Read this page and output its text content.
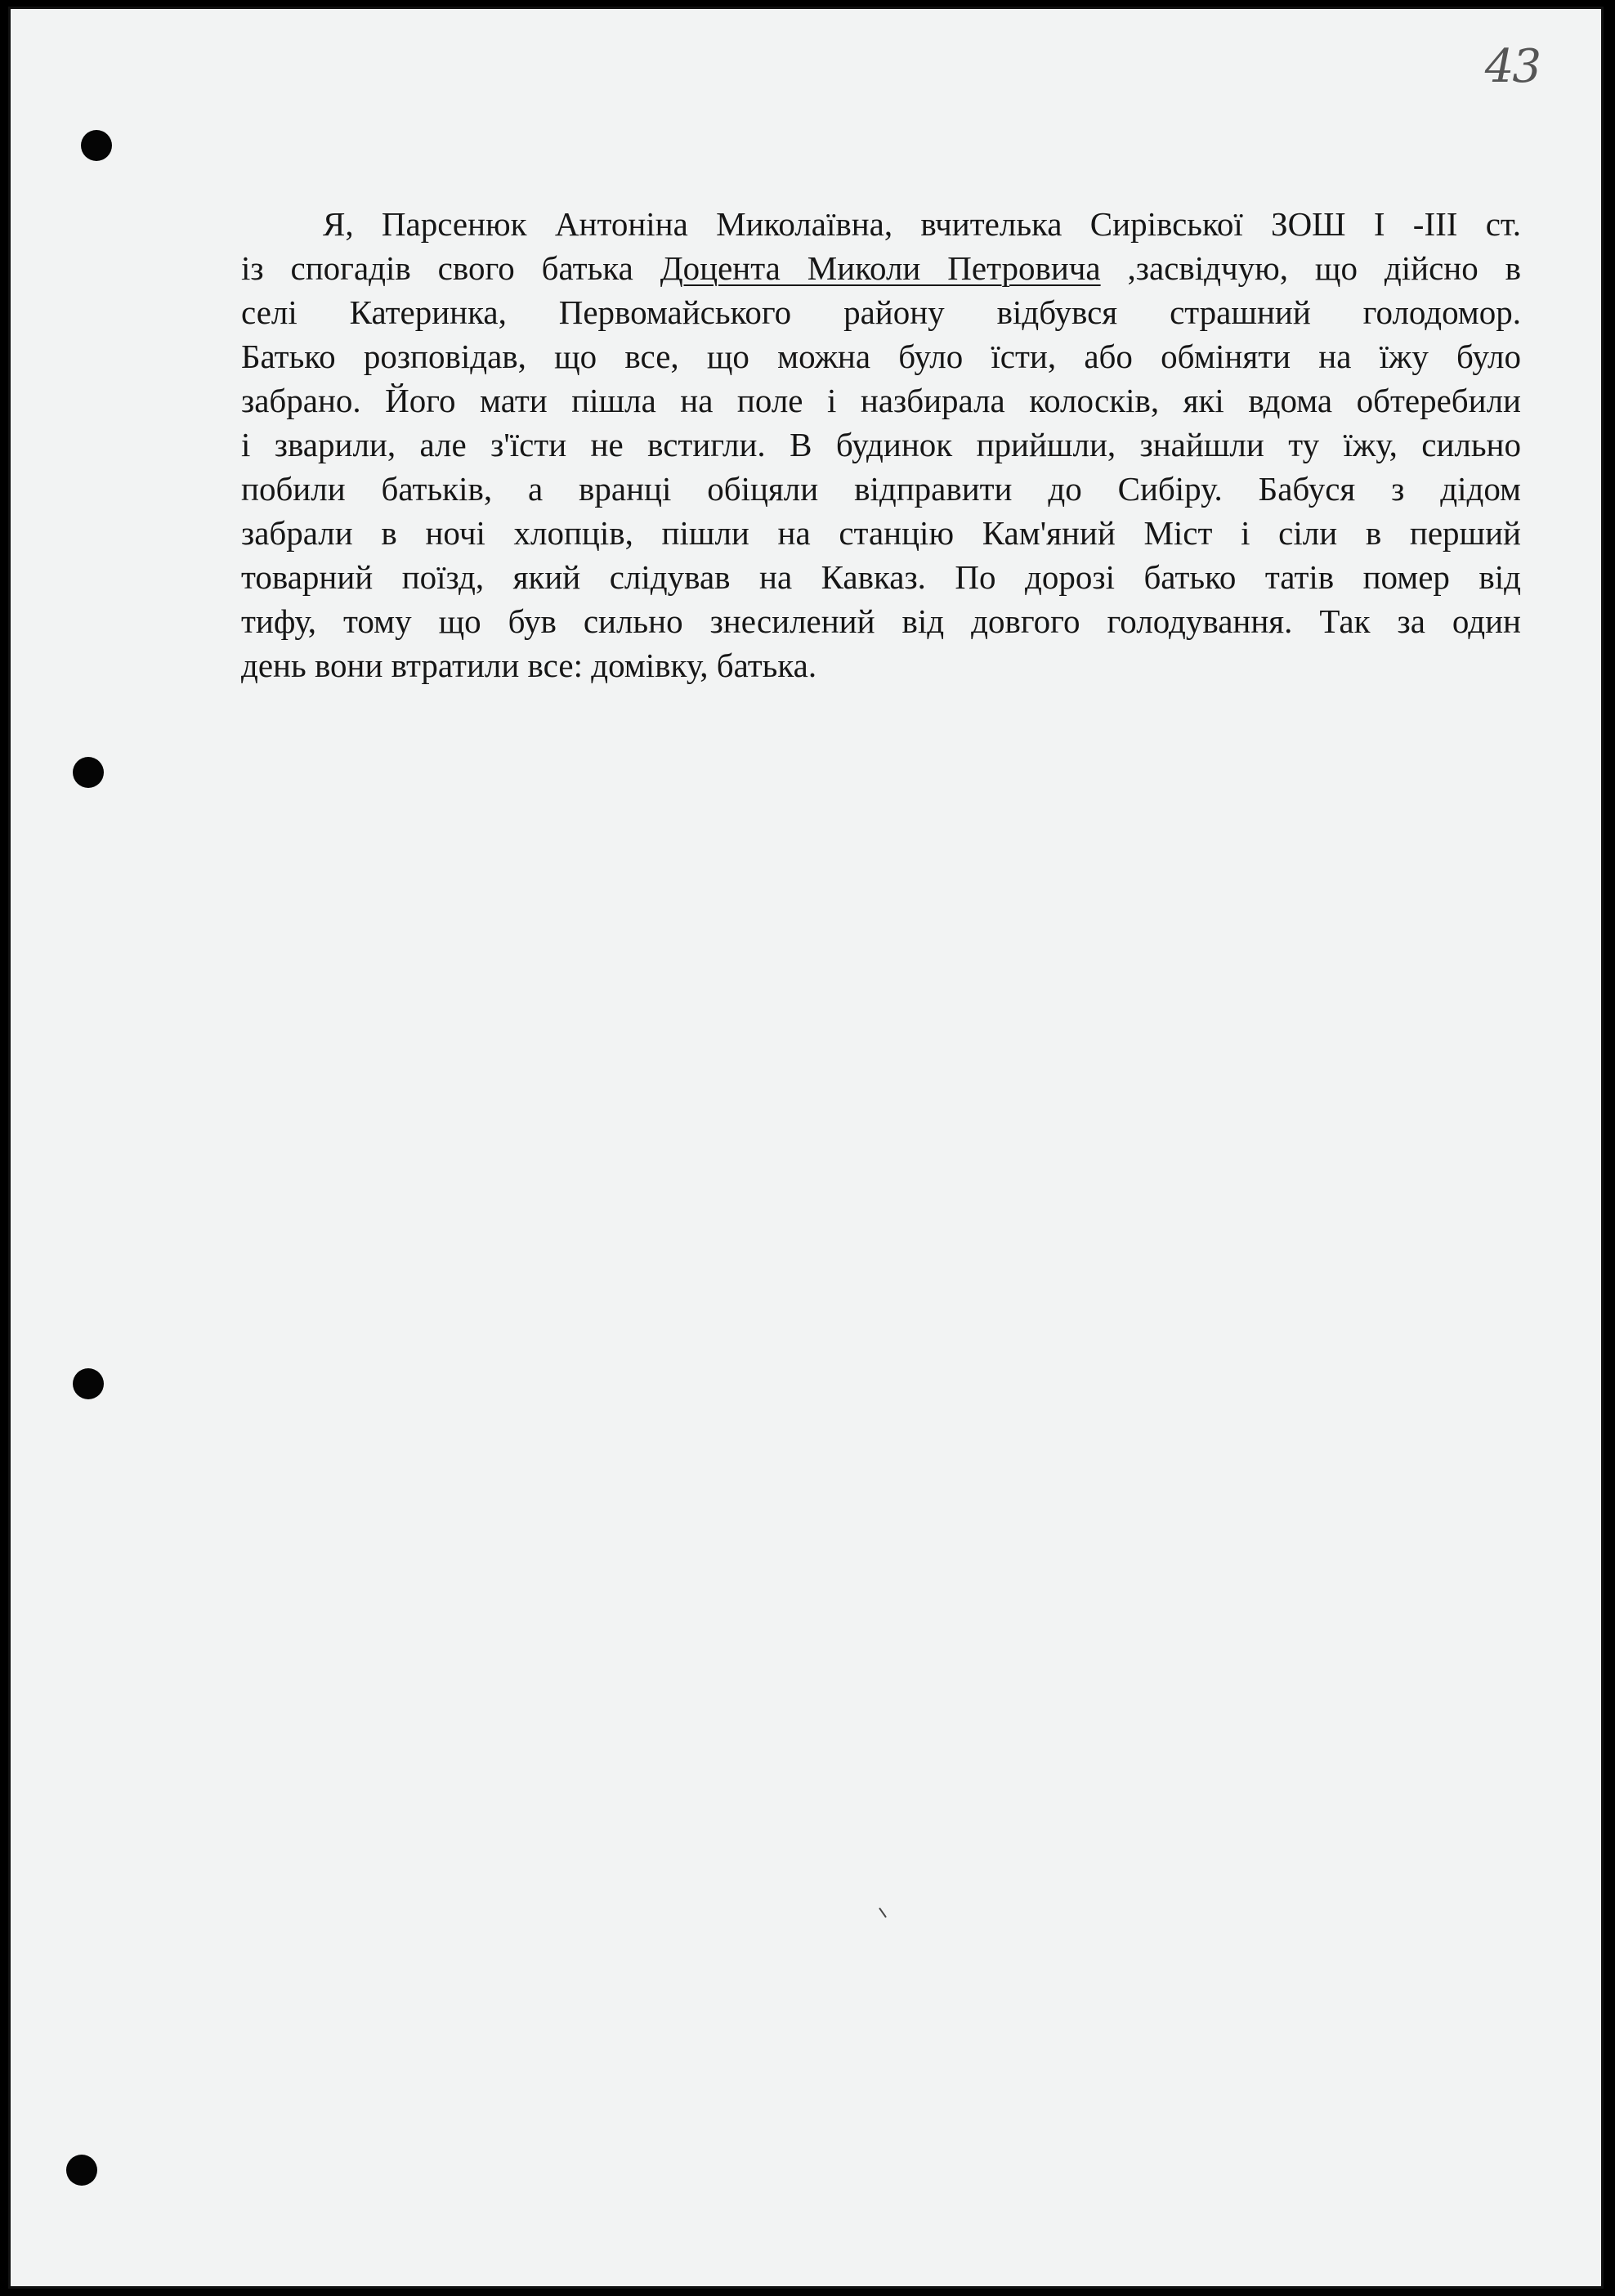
43
Я, Парсенюк Антоніна Миколаївна, вчителька Сирівської ЗОШ I -III ст.
із спогадів свого батька Доцента Миколи Петровича ,засвідчую, що дійсно в
селі Катеринка, Первомайського району відбувся страшний голодомор.
Батько розповідав, що все, що можна було їсти, або обміняти на їжу було
забрано. Його мати пішла на поле і назбирала колосків, які вдома обтеребили
і зварили, але з'їсти не встигли. В будинок прийшли, знайшли ту їжу, сильно
побили батьків, а вранці обіцяли відправити до Сибіру. Бабуся з дідом
забрали в ночі хлопців, пішли на станцію Кам'яний Міст і сіли в перший
товарний поїзд, який слідував на Кавказ. По дорозі батько татів помер від
тифу, тому що був сильно знесилений від довгого голодування. Так за один
день вони втратили все: домівку, батька.
